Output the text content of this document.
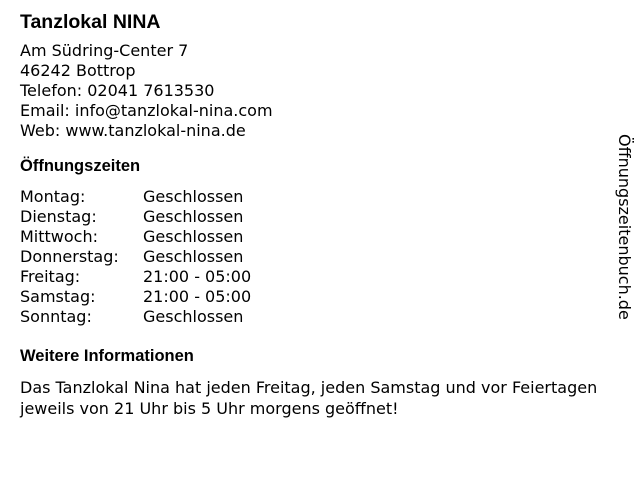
Tanzlokal NINA
Am Südring-Center 7
46242 Bottrop
Telefon: 02041 7613530
Email: info@tanzlokal-nina.com
Web: www.tanzlokal-nina.de
Öffnungszeiten
Montag:	Geschlossen
Dienstag:	Geschlossen
Mittwoch:	Geschlossen
Donnerstag:	Geschlossen
Freitag:	21:00 - 05:00
Samstag:	21:00 - 05:00
Sonntag:	Geschlossen
Weitere Informationen
Das Tanzlokal Nina hat jeden Freitag, jeden Samstag und vor Feiertagen jeweils von 21 Uhr bis 5 Uhr morgens geöffnet!
Öffnungszeitenbuch.de
